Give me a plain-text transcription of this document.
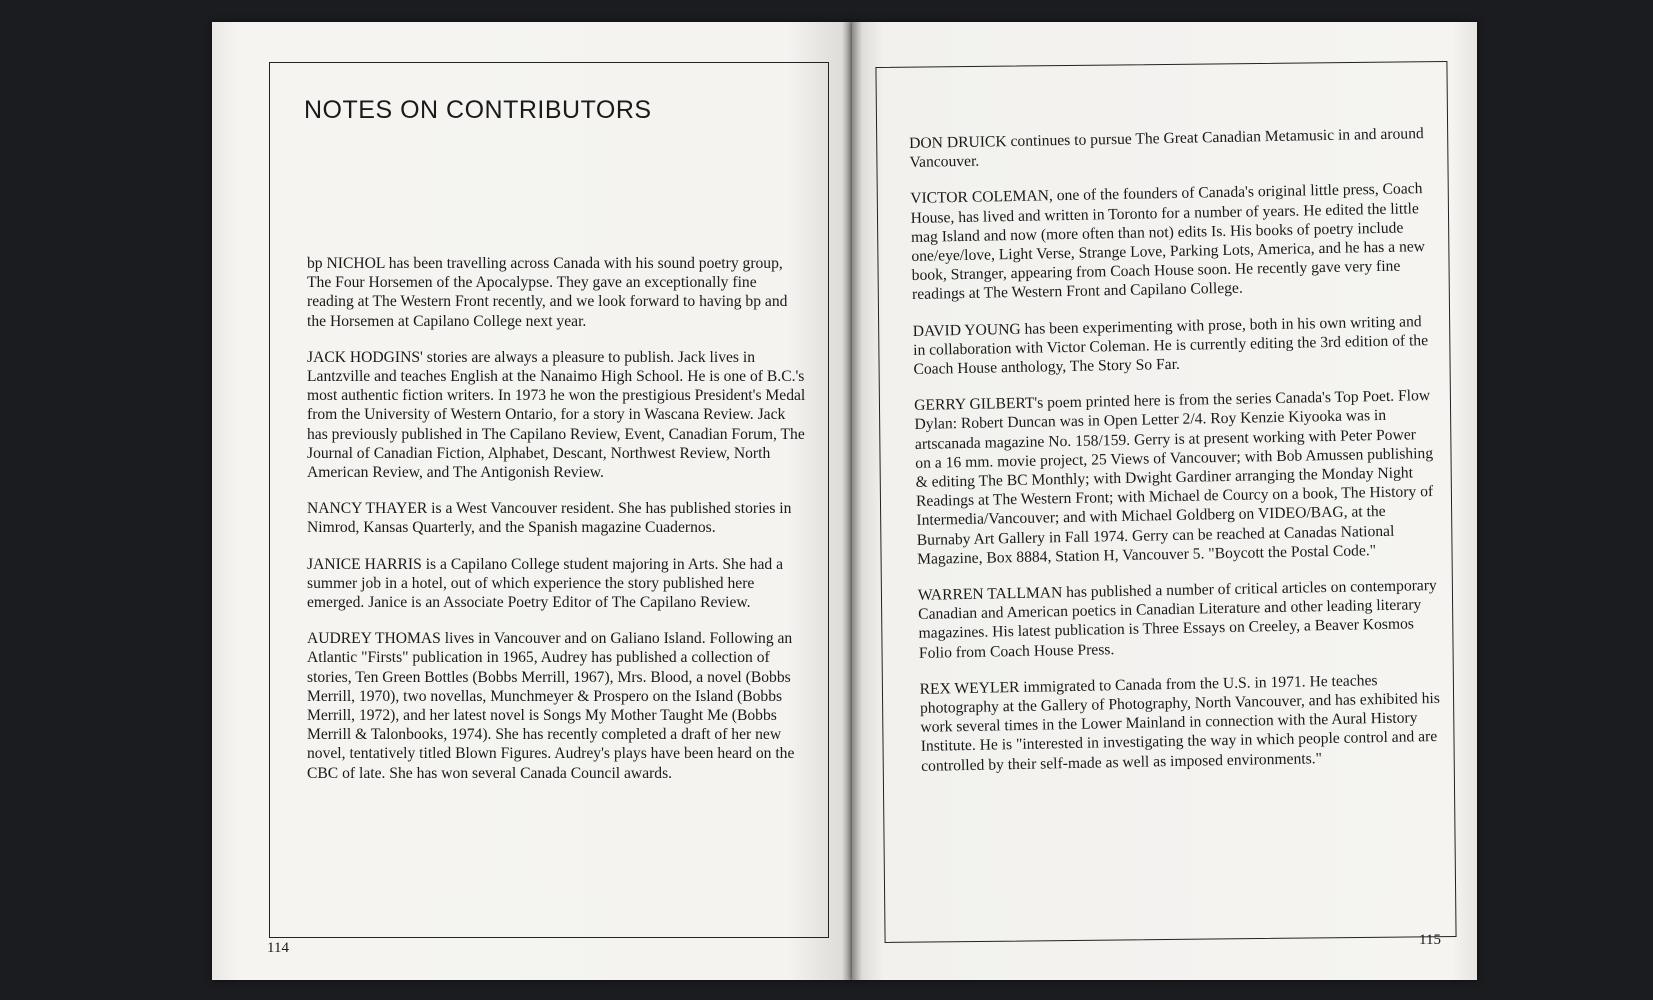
NOTES ON CONTRIBUTORS

bp NICHOL has been travelling across Canada with his sound poetry group, The Four Horsemen of the Apocalypse. They gave an exceptionally fine reading at The Western Front recently, and we look forward to having bp and the Horsemen at Capilano College next year.

JACK HODGINS' stories are always a pleasure to publish. Jack lives in Lantzville and teaches English at the Nanaimo High School. He is one of B.C.'s most authentic fiction writers. In 1973 he won the prestigious President's Medal from the University of Western Ontario, for a story in Wascana Review. Jack has previously published in The Capilano Review, Event, Canadian Forum, The Journal of Canadian Fiction, Alphabet, Descant, Northwest Review, North American Review, and The Antigonish Review.

NANCY THAYER is a West Vancouver resident. She has published stories in Nimrod, Kansas Quarterly, and the Spanish magazine Cuadernos.

JANICE HARRIS is a Capilano College student majoring in Arts. She had a summer job in a hotel, out of which experience the story published here emerged. Janice is an Associate Poetry Editor of The Capilano Review.

AUDREY THOMAS lives in Vancouver and on Galiano Island. Following an Atlantic "Firsts" publication in 1965, Audrey has published a collection of stories, Ten Green Bottles (Bobbs Merrill, 1967), Mrs. Blood, a novel (Bobbs Merrill, 1970), two novellas, Munchmeyer & Prospero on the Island (Bobbs Merrill, 1972), and her latest novel is Songs My Mother Taught Me (Bobbs Merrill & Talonbooks, 1974). She has recently completed a draft of her new novel, tentatively titled Blown Figures. Audrey's plays have been heard on the CBC of late. She has won several Canada Council awards.

114

DON DRUICK continues to pursue The Great Canadian Metamusic in and around Vancouver.

VICTOR COLEMAN, one of the founders of Canada's original little press, Coach House, has lived and written in Toronto for a number of years. He edited the little mag Island and now (more often than not) edits Is. His books of poetry include one/eye/love, Light Verse, Strange Love, Parking Lots, America, and he has a new book, Stranger, appearing from Coach House soon. He recently gave very fine readings at The Western Front and Capilano College.

DAVID YOUNG has been experimenting with prose, both in his own writing and in collaboration with Victor Coleman. He is currently editing the 3rd edition of the Coach House anthology, The Story So Far.

GERRY GILBERT's poem printed here is from the series Canada's Top Poet. Flow Dylan: Robert Duncan was in Open Letter 2/4. Roy Kenzie Kiyooka was in artscanada magazine No. 158/159. Gerry is at present working with Peter Power on a 16 mm. movie project, 25 Views of Vancouver; with Bob Amussen publishing & editing The BC Monthly; with Dwight Gardiner arranging the Monday Night Readings at The Western Front; with Michael de Courcy on a book, The History of Intermedia/Vancouver; and with Michael Goldberg on VIDEO/BAG, at the Burnaby Art Gallery in Fall 1974. Gerry can be reached at Canadas National Magazine, Box 8884, Station H, Vancouver 5. "Boycott the Postal Code."

WARREN TALLMAN has published a number of critical articles on contemporary Canadian and American poetics in Canadian Literature and other leading literary magazines. His latest publication is Three Essays on Creeley, a Beaver Kosmos Folio from Coach House Press.

REX WEYLER immigrated to Canada from the U.S. in 1971. He teaches photography at the Gallery of Photography, North Vancouver, and has exhibited his work several times in the Lower Mainland in connection with the Aural History Institute. He is "interested in investigating the way in which people control and are controlled by their self-made as well as imposed environments."

115
